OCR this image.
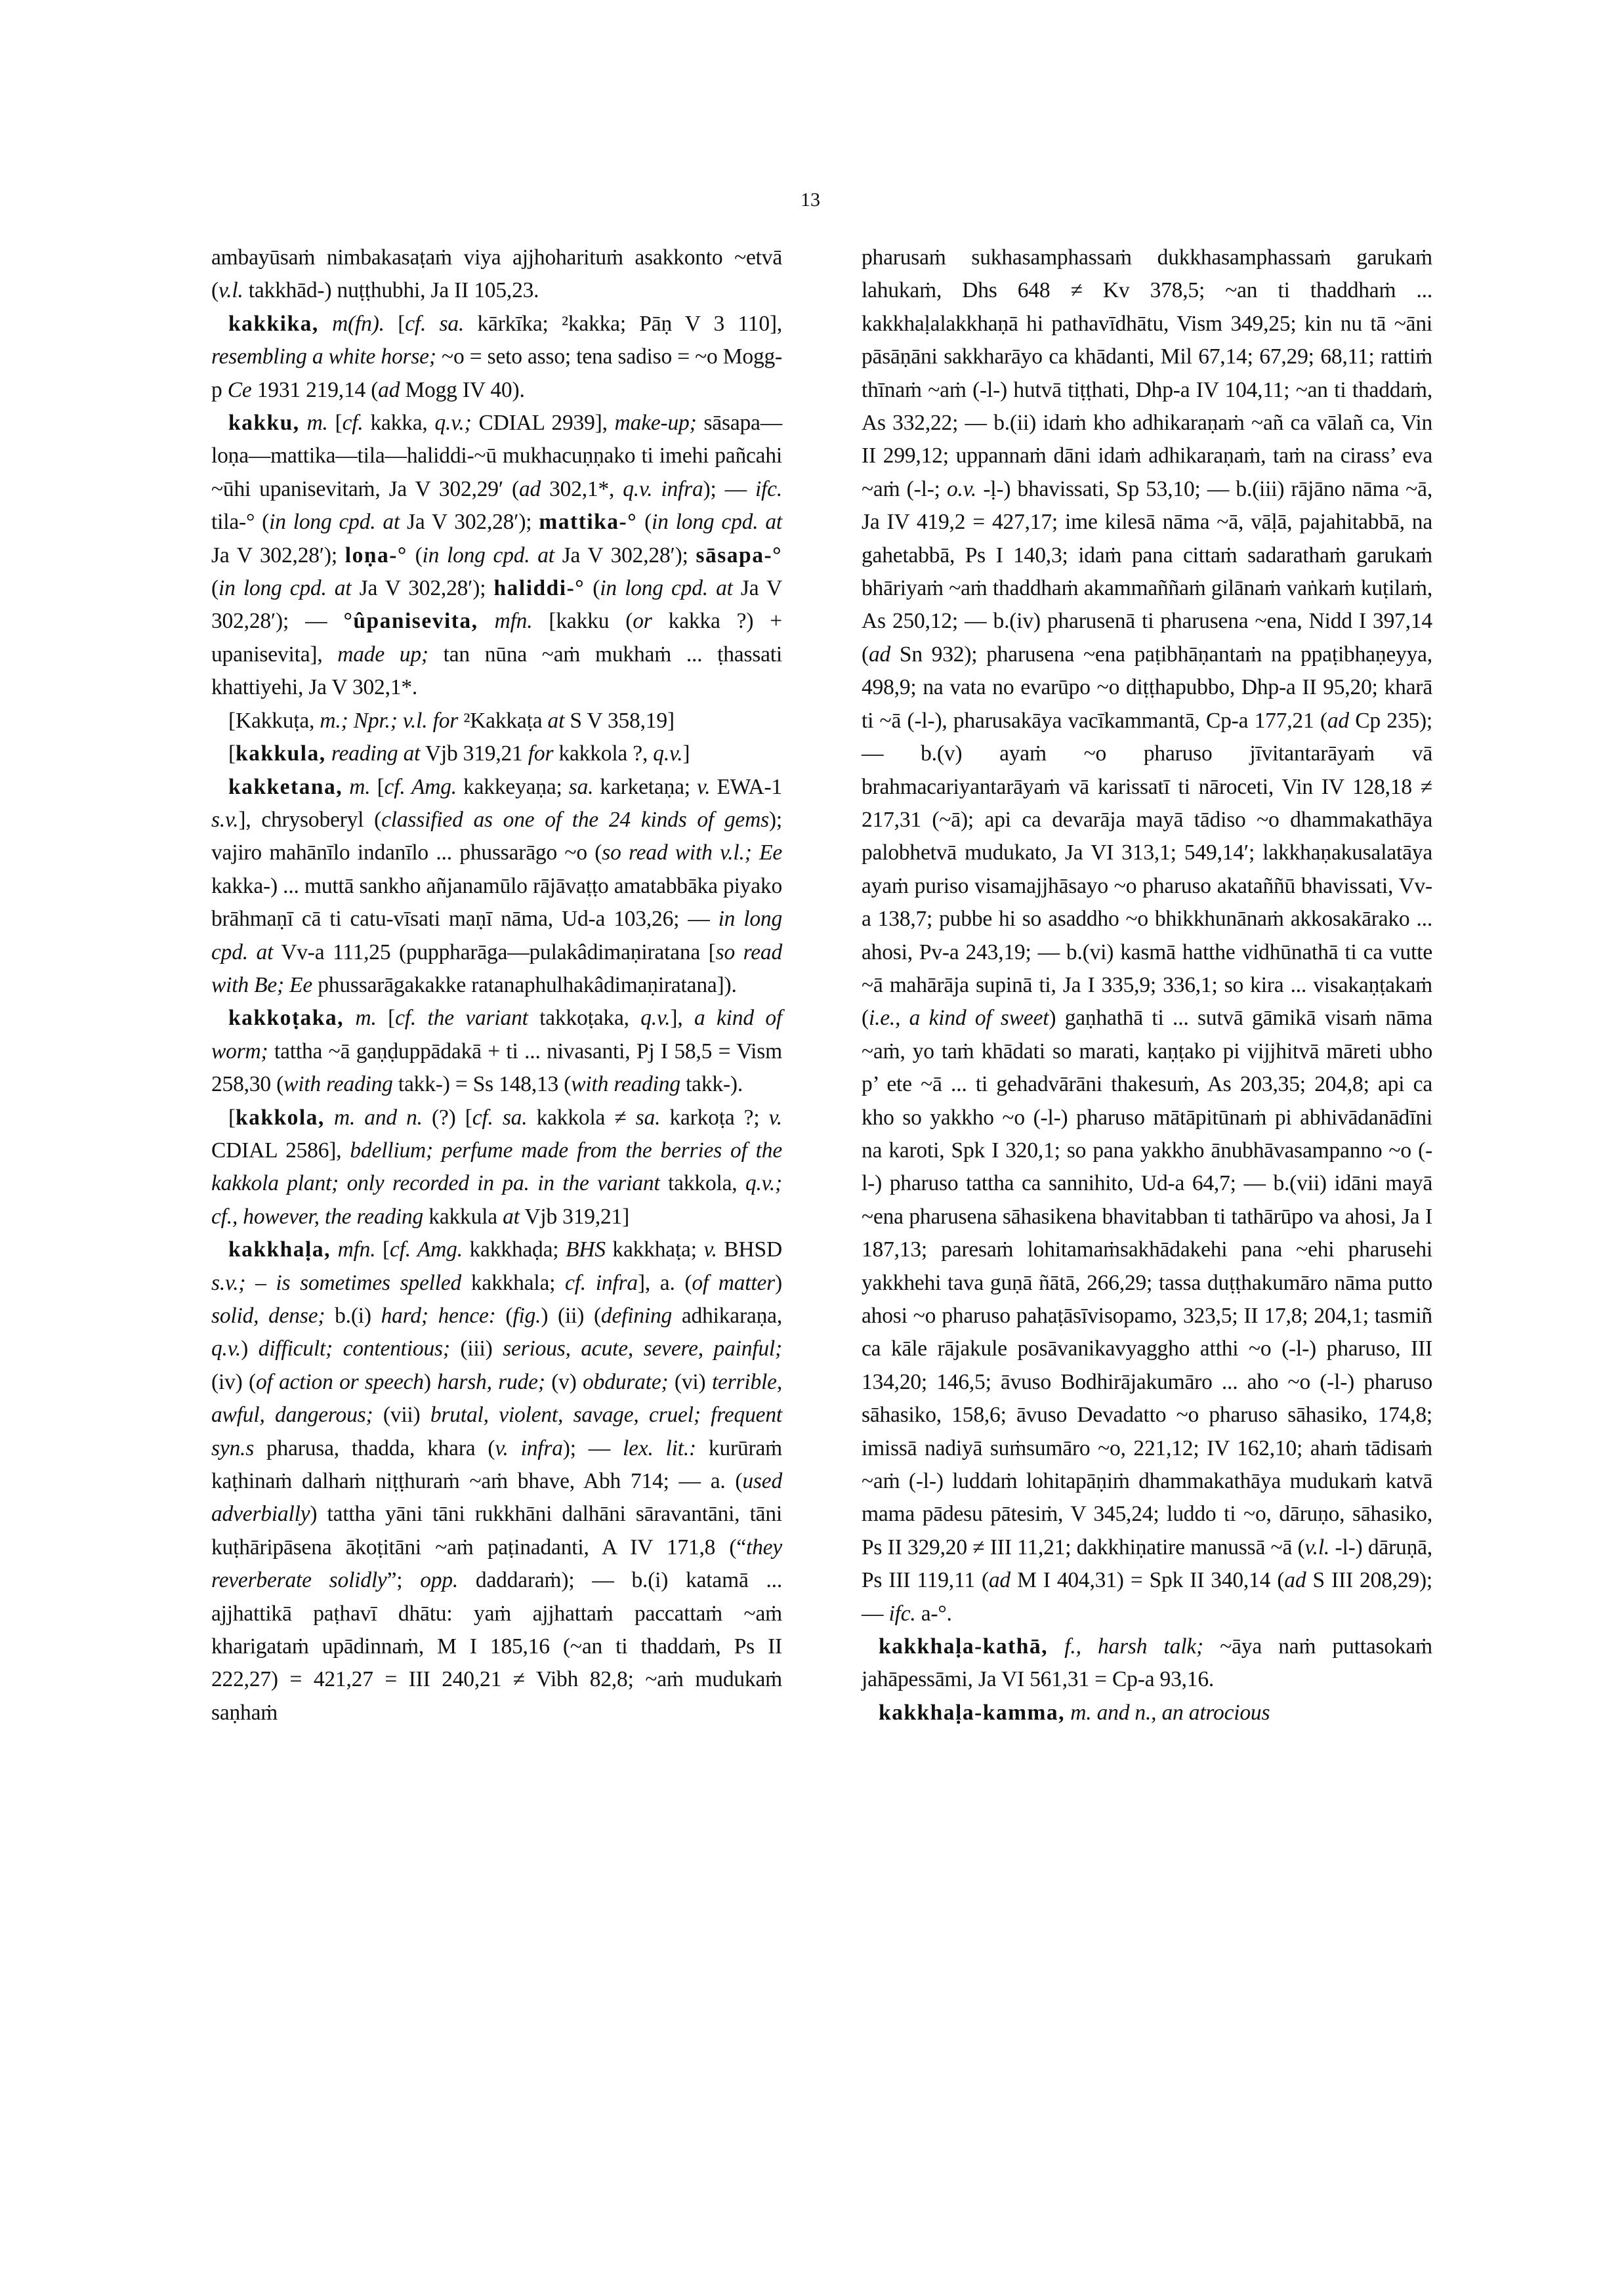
13

ambayūsaṁ nimbakasaṭaṁ viya ajjhoharituṁ asakkonto ~etvā (v.l. takkhād-) nuṭṭhubhi, Ja II 105,23.

kakkika, m(fn). [cf. sa. kārkīka; ²kakka; Pāṇ V 3 110], resembling a white horse; ~o = seto asso; tena sadiso = ~o Mogg-p Ce 1931 219,14 (ad Mogg IV 40).

kakku, m. [cf. kakka, q.v.; CDIAL 2939], make-up; sāsapa—loṇa—mattika—tila—haliddi-~ū mukhacuṇṇako ti imehi pañcahi ~ūhi upanisevitaṁ, Ja V 302,29′ (ad 302,1*, q.v. infra); — ifc. tila-° (in long cpd. at Ja V 302,28′); mattika-° (in long cpd. at Ja V 302,28′); loṇa-° (in long cpd. at Ja V 302,28′); sāsapa-° (in long cpd. at Ja V 302,28′); haliddi-° (in long cpd. at Ja V 302,28′); — °ûpanisevita, mfn. [kakku (or kakka ?) + upanisevita], made up; tan nūna ~aṁ mukhaṁ ... ṭhassati khattiyehi, Ja V 302,1*.

[Kakkuṭa, m.; Npr.; v.l. for ²Kakkaṭa at S V 358,19]

[kakkula, reading at Vjb 319,21 for kakkola ?, q.v.]

kakketana, m. [cf. Amg. kakkeyaṇa; sa. karketaṇa; v. EWA-1 s.v.], chrysoberyl (classified as one of the 24 kinds of gems); vajiro mahānīlo indanīlo ... phussarāgo ~o (so read with v.l.; Ee kakka-) ... muttā sankho añjanamūlo rājāvaṭṭo amatabbāka piyako brāhmaṇī cā ti catu-vīsati maṇī nāma, Ud-a 103,26; — in long cpd. at Vv-a 111,25 (puppharāga—pulakâdimaṇiratana [so read with Be; Ee phussarāgakakke ratanaphulhakâdimaṇiratana]).

kakkoṭaka, m. [cf. the variant takkoṭaka, q.v.], a kind of worm; tattha ~ā gaṇḍuppādakā + ti ... nivasanti, Pj I 58,5 = Vism 258,30 (with reading takk-) = Ss 148,13 (with reading takk-).

[kakkola, m. and n. (?) [cf. sa. kakkola ≠ sa. karkoṭa ?; v. CDIAL 2586], bdellium; perfume made from the berries of the kakkola plant; only recorded in pa. in the variant takkola, q.v.; cf., however, the reading kakkula at Vjb 319,21]

kakkhaḷa, mfn. [cf. Amg. kakkhaḍa; BHS kakkhaṭa; v. BHSD s.v.; – is sometimes spelled kakkhala; cf. infra], a. (of matter) solid, dense; b.(i) hard; hence: (fig.) (ii) (defining adhikaraṇa, q.v.) difficult; contentious; (iii) serious, acute, severe, painful; (iv) (of action or speech) harsh, rude; (v) obdurate; (vi) terrible, awful, dangerous; (vii) brutal, violent, savage, cruel; frequent syn.s pharusa, thadda, khara (v. infra); — lex. lit.: kurūraṁ kaṭhinaṁ dalhaṁ niṭṭhuraṁ ~aṁ bhave, Abh 714; — a. (used adverbially) tattha yāni tāni rukkhāni dalhāni sāravantāni, tāni kuṭhāripāsena ākoṭitāni ~aṁ paṭinadanti, A IV 171,8 (“they reverberate solidly”; opp. daddaraṁ); — b.(i) katamā ... ajjhattikā paṭhavī dhātu: yaṁ ajjhattaṁ paccattaṁ ~aṁ kharigataṁ upādinnaṁ, M I 185,16 (~an ti thaddaṁ, Ps II 222,27) = 421,27 = III 240,21 ≠ Vibh 82,8; ~aṁ mudukaṁ saṇhaṁ

pharusaṁ sukhasamphassaṁ dukkhasamphassaṁ garukaṁ lahukaṁ, Dhs 648 ≠ Kv 378,5; ~an ti thaddhaṁ ... kakkhaḷalakkhaṇā hi pathavīdhātu, Vism 349,25; kin nu tā ~āni pāsāṇāni sakkharāyo ca khādanti, Mil 67,14; 67,29; 68,11; rattiṁ thīnaṁ ~aṁ (-l-) hutvā tiṭṭhati, Dhp-a IV 104,11; ~an ti thaddaṁ, As 332,22; — b.(ii) idaṁ kho adhikaraṇaṁ ~añ ca vālañ ca, Vin II 299,12; uppannaṁ dāni idaṁ adhikaraṇaṁ, taṁ na cirass’ eva ~aṁ (-l-; o.v. -ḷ-) bhavissati, Sp 53,10; — b.(iii) rājāno nāma ~ā, Ja IV 419,2 = 427,17; ime kilesā nāma ~ā, vāḷā, pajahitabbā, na gahetabbā, Ps I 140,3; idaṁ pana cittaṁ sadarathaṁ garukaṁ bhāriyaṁ ~aṁ thaddhaṁ akammaññaṁ gilānaṁ vaṅkaṁ kuṭilaṁ, As 250,12; — b.(iv) pharusenā ti pharusena ~ena, Nidd I 397,14 (ad Sn 932); pharusena ~ena paṭibhāṇantaṁ na ppaṭibhaṇeyya, 498,9; na vata no evarūpo ~o diṭṭhapubbo, Dhp-a II 95,20; kharā ti ~ā (-l-), pharusakāya vacīkammantā, Cp-a 177,21 (ad Cp 235); — b.(v) ayaṁ ~o pharuso jīvitantarāyaṁ vā brahmacariyantarāyaṁ vā karissatī ti nāroceti, Vin IV 128,18 ≠ 217,31 (~ā); api ca devarāja mayā tādiso ~o dhammakathāya palobhetvā mudukato, Ja VI 313,1; 549,14′; lakkhaṇakusalatāya ayaṁ puriso visamajjhāsayo ~o pharuso akataññū bhavissati, Vv-a 138,7; pubbe hi so asaddho ~o bhikkhunānaṁ akkosakārako ... ahosi, Pv-a 243,19; — b.(vi) kasmā hatthe vidhūnathā ti ca vutte ~ā mahārāja supinā ti, Ja I 335,9; 336,1; so kira ... visakaṇṭakaṁ (i.e., a kind of sweet) gaṇhathā ti ... sutvā gāmikā visaṁ nāma ~aṁ, yo taṁ khādati so marati, kaṇṭako pi vijjhitvā māreti ubho p’ ete ~ā ... ti gehadvārāni thakesuṁ, As 203,35; 204,8; api ca kho so yakkho ~o (-l-) pharuso mātāpitūnaṁ pi abhivādanādīni na karoti, Spk I 320,1; so pana yakkho ānubhāvasampanno ~o (-l-) pharuso tattha ca sannihito, Ud-a 64,7; — b.(vii) idāni mayā ~ena pharusena sāhasikena bhavitabban ti tathārūpo va ahosi, Ja I 187,13; paresaṁ lohitamaṁsakhādakehi pana ~ehi pharusehi yakkhehi tava guṇā ñātā, 266,29; tassa duṭṭhakumāro nāma putto ahosi ~o pharuso pahaṭāsīvisopamo, 323,5; II 17,8; 204,1; tasmiñ ca kāle rājakule posāvanikavyaggho atthi ~o (-l-) pharuso, III 134,20; 146,5; āvuso Bodhirājakumāro ... aho ~o (-l-) pharuso sāhasiko, 158,6; āvuso Devadatto ~o pharuso sāhasiko, 174,8; imissā nadiyā suṁsumāro ~o, 221,12; IV 162,10; ahaṁ tādisaṁ ~aṁ (-l-) luddaṁ lohitapāṇiṁ dhammakathāya mudukaṁ katvā mama pādesu pātesiṁ, V 345,24; luddo ti ~o, dāruṇo, sāhasiko, Ps II 329,20 ≠ III 11,21; dakkhiṇatire manussā ~ā (v.l. -l-) dāruṇā, Ps III 119,11 (ad M I 404,31) = Spk II 340,14 (ad S III 208,29); — ifc. a-°.

kakkhaḷa-kathā, f., harsh talk; ~āya naṁ puttasokaṁ jahāpessāmi, Ja VI 561,31 = Cp-a 93,16.

kakkhaḷa-kamma, m. and n., an atrocious
